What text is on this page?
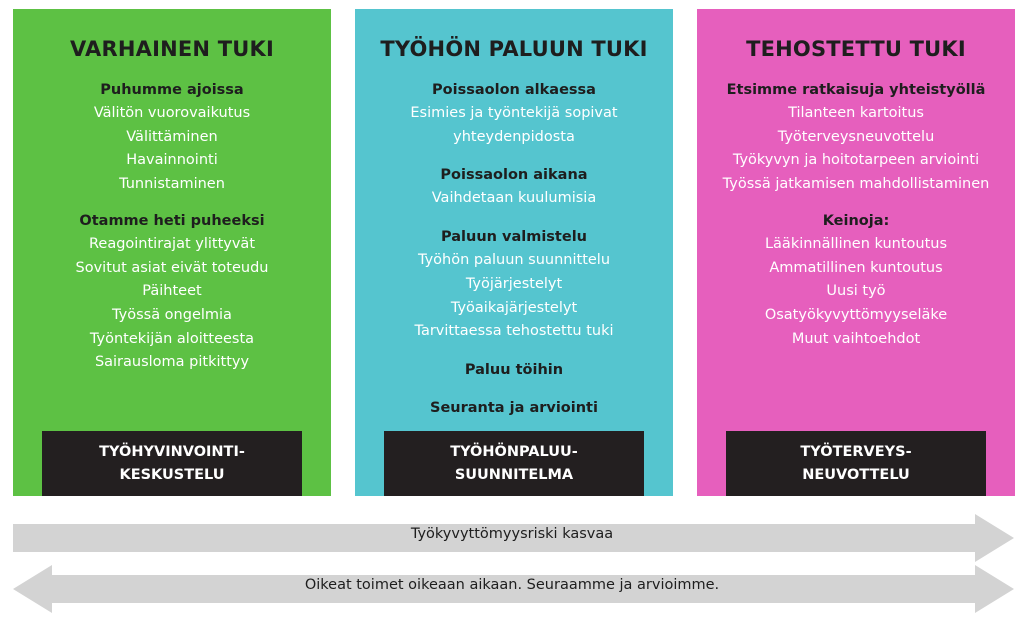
VARHAINEN TUKI
Puhumme ajoissa
Välitön vuorovaikutus
Välittäminen
Havainnointi
Tunnistaminen
Otamme heti puheeksi
Reagointirajat ylittyvät
Sovitut asiat eivät toteudu
Päihteet
Työssä ongelmia
Työntekijän aloitteesta
Sairausloma pitkittyy
TYÖHYVINVOINTI-
KESKUSTELU
TYÖHÖN PALUUN TUKI
Poissaolon alkaessa
Esimies ja työntekijä sopivat
yhteydenpidosta
Poissaolon aikana
Vaihdetaan kuulumisia
Paluun valmistelu
Työhön paluun suunnittelu
Työjärjestelyt
Työaikajärjestelyt
Tarvittaessa tehostettu tuki
Paluu töihin
Seuranta ja arviointi
TYÖHÖNPALUU-
SUUNNITELMA
TEHOSTETTU TUKI
Etsimme ratkaisuja yhteistyöllä
Tilanteen kartoitus
Työterveysneuvottelu
Työkyvyn ja hoitotarpeen arviointi
Työssä jatkamisen mahdollistaminen
Keinoja:
Lääkinnällinen kuntoutus
Ammatillinen kuntoutus
Uusi työ
Osatyökyvyttömyyseläke
Muut vaihtoehdot
TYÖTERVEYS-
NEUVOTTELU
Työkyvyttömyysriski kasvaa
Oikeat toimet oikeaan aikaan. Seuraamme ja arvioimme.
